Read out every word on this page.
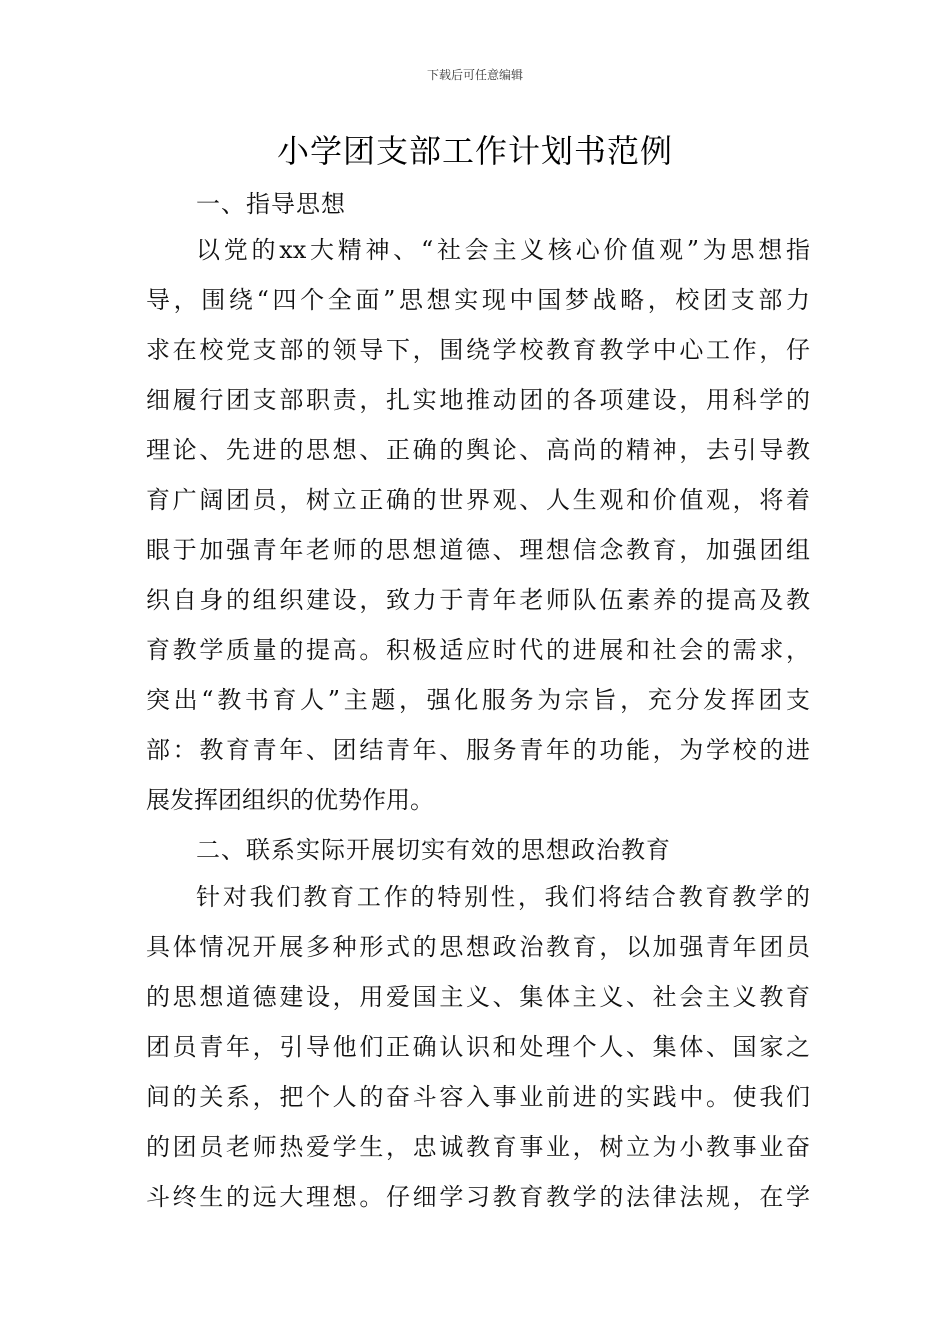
下载后可任意编辑
小学团支部工作计划书范例
一、指导思想
以党的xx大精神、“社会主义核心价值观”为思想指
导，围绕“四个全面”思想实现中国梦战略，校团支部力
求在校党支部的领导下，围绕学校教育教学中心工作，仔
细履行团支部职责，扎实地推动团的各项建设，用科学的
理论、先进的思想、正确的舆论、高尚的精神，去引导教
育广阔团员，树立正确的世界观、人生观和价值观，将着
眼于加强青年老师的思想道德、理想信念教育，加强团组
织自身的组织建设，致力于青年老师队伍素养的提高及教
育教学质量的提高。积极适应时代的进展和社会的需求，
突出“教书育人”主题，强化服务为宗旨，充分发挥团支
部：教育青年、团结青年、服务青年的功能，为学校的进
展发挥团组织的优势作用。
二、联系实际开展切实有效的思想政治教育
针对我们教育工作的特别性，我们将结合教育教学的
具体情况开展多种形式的思想政治教育，以加强青年团员
的思想道德建设，用爱国主义、集体主义、社会主义教育
团员青年，引导他们正确认识和处理个人、集体、国家之
间的关系，把个人的奋斗容入事业前进的实践中。使我们
的团员老师热爱学生，忠诚教育事业，树立为小教事业奋
斗终生的远大理想。仔细学习教育教学的法律法规，在学
